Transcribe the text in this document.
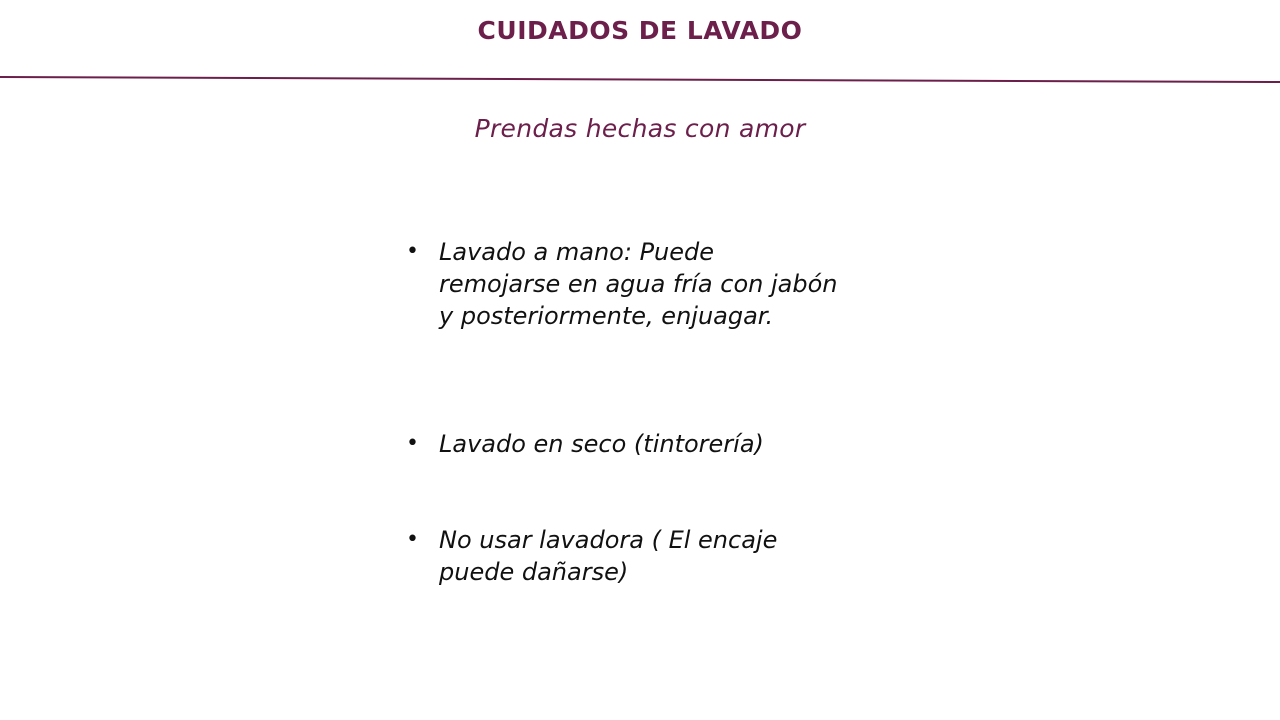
CUIDADOS DE LAVADO
Prendas hechas con amor
• Lavado a mano: Puede remojarse en agua fría con jabón  y posteriormente, enjuagar.
• Lavado en seco (tintorería)
• No usar lavadora ( El encaje puede dañarse)
